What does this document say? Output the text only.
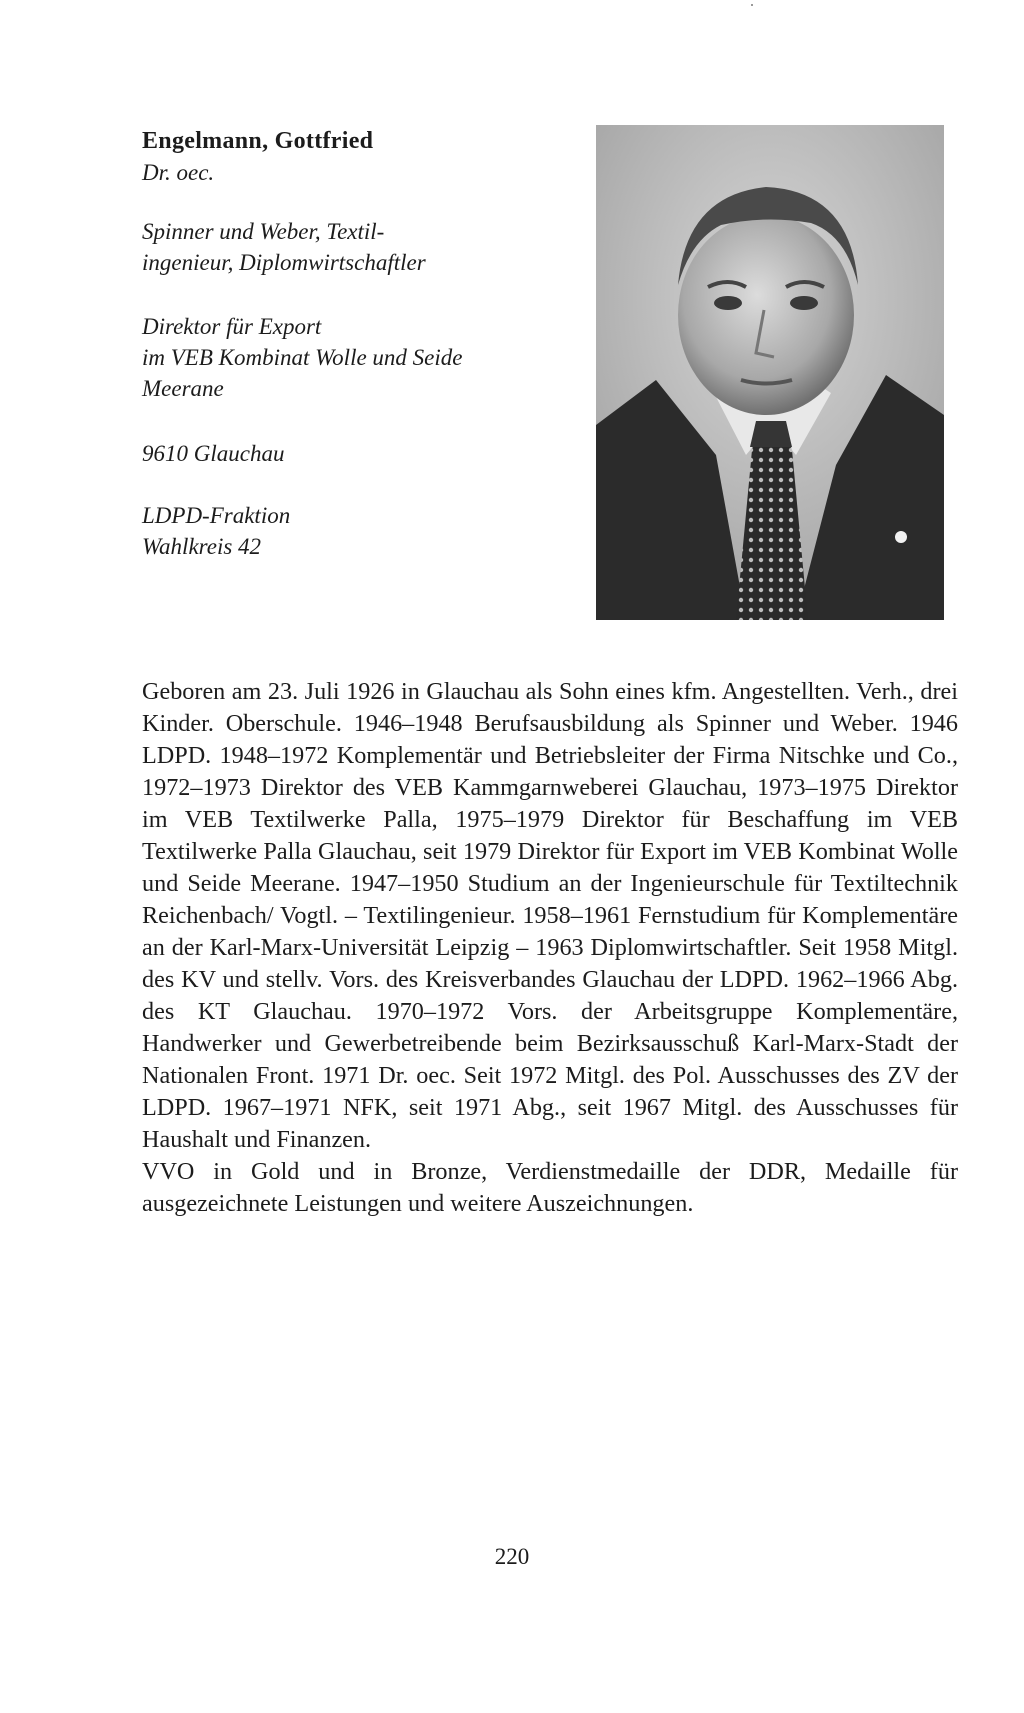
Engelmann, Gottfried
Dr. oec.
Spinner und Weber, Textil-
ingenieur, Diplomwirtschaftler
Direktor für Export
im VEB Kombinat Wolle und Seide
Meerane
9610 Glauchau
LDPD-Fraktion
Wahlkreis 42

Geboren am 23. Juli 1926 in Glauchau als Sohn eines kfm. Angestellten. Verh., drei Kinder. Oberschule. 1946–1948 Berufsausbildung als Spinner und Weber. 1946 LDPD. 1948–1972 Komplementär und Betriebsleiter der Firma Nitschke und Co., 1972–1973 Direktor des VEB Kammgarnweberei Glauchau, 1973–1975 Direktor im VEB Textilwerke Palla, 1975–1979 Direktor für Beschaffung im VEB Textilwerke Palla Glauchau, seit 1979 Direktor für Export im VEB Kombinat Wolle und Seide Meerane. 1947–1950 Studium an der Ingenieurschule für Textiltechnik Reichenbach/ Vogtl. – Textilingenieur. 1958–1961 Fernstudium für Komplementäre an der Karl-Marx-Universität Leipzig – 1963 Diplomwirtschaftler. Seit 1958 Mitgl. des KV und stellv. Vors. des Kreisverbandes Glauchau der LDPD. 1962–1966 Abg. des KT Glauchau. 1970–1972 Vors. der Arbeitsgruppe Komplementäre, Handwerker und Gewerbetreibende beim Bezirksausschuß Karl-Marx-Stadt der Nationalen Front. 1971 Dr. oec. Seit 1972 Mitgl. des Pol. Ausschusses des ZV der LDPD. 1967–1971 NFK, seit 1971 Abg., seit 1967 Mitgl. des Ausschusses für Haushalt und Finanzen.

VVO in Gold und in Bronze, Verdienstmedaille der DDR, Medaille für ausgezeichnete Leistungen und weitere Auszeichnungen.

220
